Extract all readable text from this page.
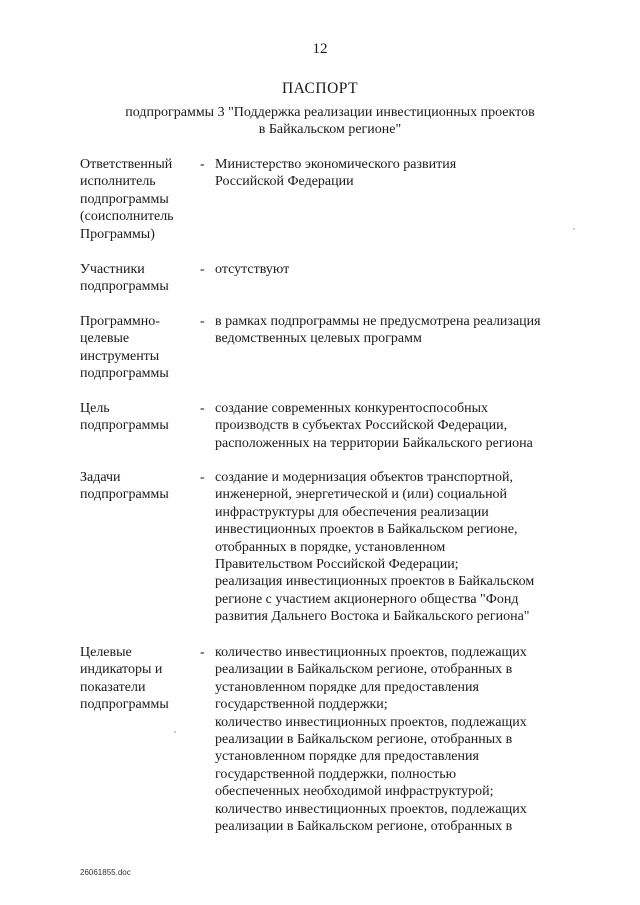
12
ПАСПОРТ
подпрограммы 3 "Поддержка реализации инвестиционных проектов
в Байкальском регионе"
Ответственный
исполнитель
подпрограммы
(соисполнитель
Программы)
- Министерство экономического развития
Российской Федерации
Участники
подпрограммы
- отсутствуют
Программно-
целевые
инструменты
подпрограммы
- в рамках подпрограммы не предусмотрена реализация
ведомственных целевых программ
Цель
подпрограммы
- создание современных конкурентоспособных
производств в субъектах Российской Федерации,
расположенных на территории Байкальского региона
Задачи
подпрограммы
- создание и модернизация объектов транспортной,
инженерной, энергетической и (или) социальной
инфраструктуры для обеспечения реализации
инвестиционных проектов в Байкальском регионе,
отобранных в порядке, установленном
Правительством Российской Федерации;
реализация инвестиционных проектов в Байкальском
регионе с участием акционерного общества "Фонд
развития Дальнего Востока и Байкальского региона"
Целевые
индикаторы и
показатели
подпрограммы
- количество инвестиционных проектов, подлежащих
реализации в Байкальском регионе, отобранных в
установленном порядке для предоставления
государственной поддержки;
количество инвестиционных проектов, подлежащих
реализации в Байкальском регионе, отобранных в
установленном порядке для предоставления
государственной поддержки, полностью
обеспеченных необходимой инфраструктурой;
количество инвестиционных проектов, подлежащих
реализации в Байкальском регионе, отобранных в
26061855.doc
